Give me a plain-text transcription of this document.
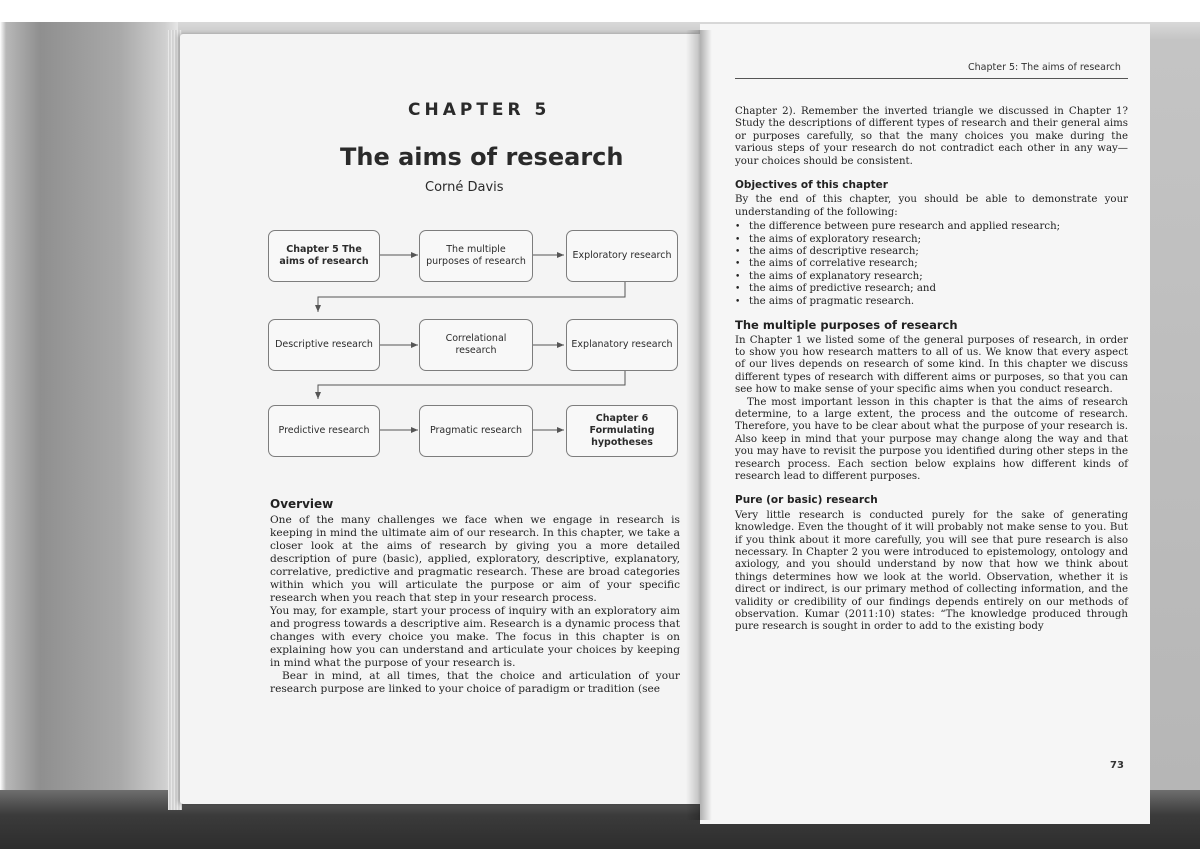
CHAPTER 5
The aims of research
Corné Davis
Chapter 5 The aims of research
The multiple purposes of research
Exploratory research
Descriptive research
Correlational research
Explanatory research
Predictive research	Pragmatic research
Chapter 6 Formulating hypotheses
Overview

One of the many challenges we face when we engage in research is keeping in mind the ultimate aim of our research. In this chapter, we take a closer look at the aims of research by giving you a more detailed description of pure (basic), applied, exploratory, descriptive, explanatory, correlative, predictive and pragmatic research. These are broad categories within which you will articulate the purpose or aim of your specific research when you reach that step in your research process.

You may, for example, start your process of inquiry with an exploratory aim and progress towards a descriptive aim. Research is a dynamic process that changes with every choice you make. The focus in this chapter is on explaining how you can understand and articulate your choices by keeping in mind what the purpose of your research is.

Bear in mind, at all times, that the choice and articulation of your research purpose are linked to your choice of paradigm or tradition (see

Chapter 5: The aims of research

Chapter 2). Remember the inverted triangle we discussed in Chapter 1? Study the descriptions of different types of research and their general aims or purposes carefully, so that the many choices you make during the various steps of your research do not contradict each other in any way—your choices should be consistent.

Objectives of this chapter

By the end of this chapter, you should be able to demonstrate your understanding of the following:

• the difference between pure research and applied research;
• the aims of exploratory research;
• the aims of descriptive research;
• the aims of correlative research;
• the aims of explanatory research;
• the aims of predictive research; and
• the aims of pragmatic research.
The multiple purposes of research

In Chapter 1 we listed some of the general purposes of research, in order to show you how research matters to all of us. We know that every aspect of our lives depends on research of some kind. In this chapter we discuss different types of research with different aims or purposes, so that you can see how to make sense of your specific aims when you conduct research.

The most important lesson in this chapter is that the aims of research determine, to a large extent, the process and the outcome of research. Therefore, you have to be clear about what the purpose of your research is. Also keep in mind that your purpose may change along the way and that you may have to revisit the purpose you identified during other steps in the research process. Each section below explains how different kinds of research lead to different purposes.

Pure (or basic) research

Very little research is conducted purely for the sake of generating knowledge. Even the thought of it will probably not make sense to you. But if you think about it more carefully, you will see that pure research is also necessary. In Chapter 2 you were introduced to epistemology, ontology and axiology, and you should understand by now that how we think about things determines how we look at the world. Observation, whether it is direct or indirect, is our primary method of collecting information, and the validity or credibility of our findings depends entirely on our methods of observation. Kumar (2011:10) states: “The knowledge produced through pure research is sought in order to add to the existing body

73
